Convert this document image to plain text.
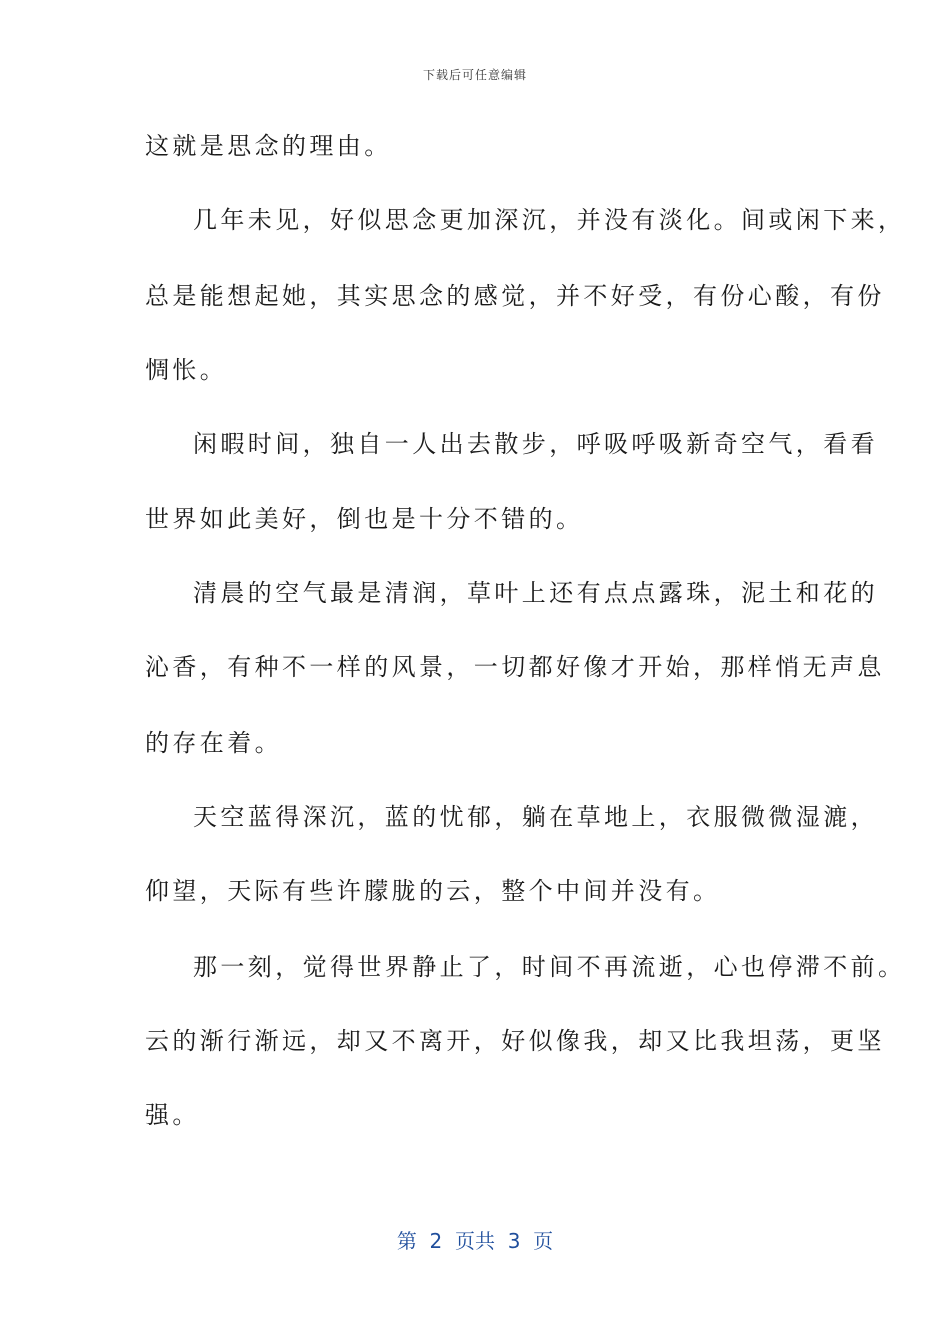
下载后可任意编辑
这就是思念的理由。
几年未见，好似思念更加深沉，并没有淡化。间或闲下来，
总是能想起她，其实思念的感觉，并不好受，有份心酸，有份
惆怅。
闲暇时间，独自一人出去散步，呼吸呼吸新奇空气，看看
世界如此美好，倒也是十分不错的。
清晨的空气最是清润，草叶上还有点点露珠，泥土和花的
沁香，有种不一样的风景，一切都好像才开始，那样悄无声息
的存在着。
天空蓝得深沉，蓝的忧郁，躺在草地上，衣服微微湿漉，
仰望，天际有些许朦胧的云，整个中间并没有。
那一刻，觉得世界静止了，时间不再流逝，心也停滞不前。
云的渐行渐远，却又不离开，好似像我，却又比我坦荡，更坚
强。
第  2  页共  3  页
